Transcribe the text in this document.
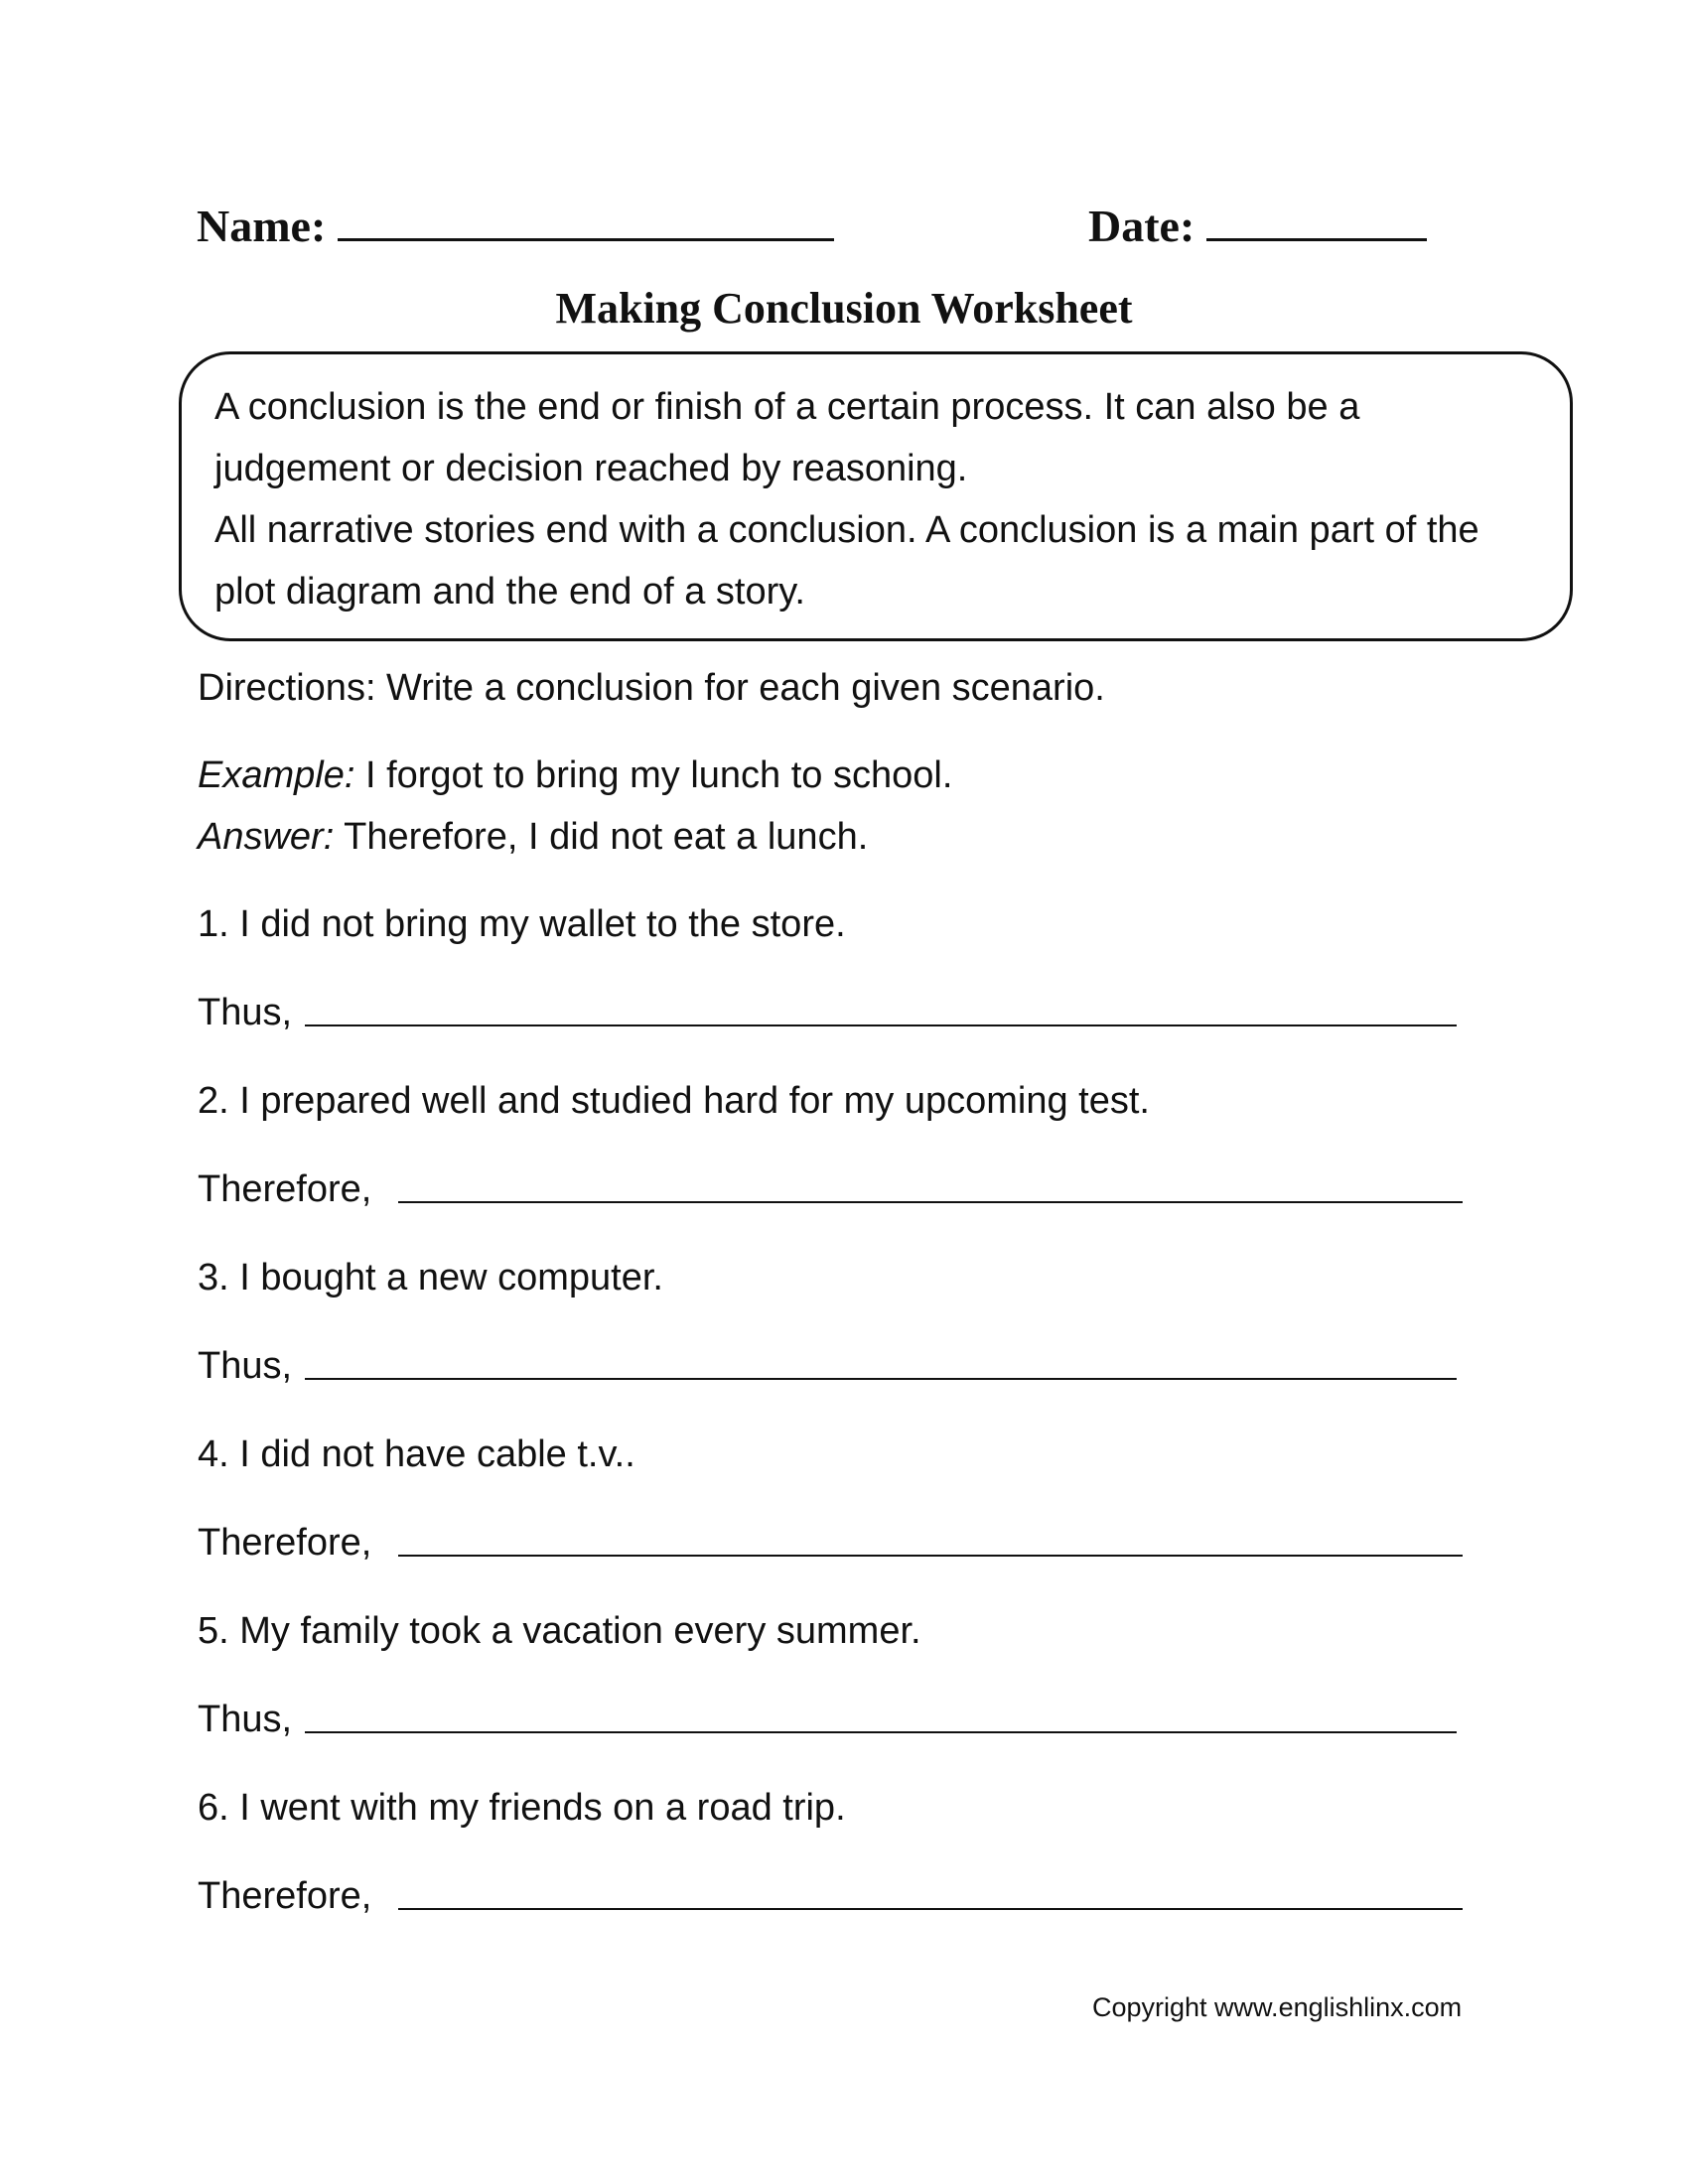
Name:	Date:
Making Conclusion Worksheet

A conclusion is the end or finish of a certain process. It can also be a judgement or decision reached by reasoning.

All narrative stories end with a conclusion. A conclusion is a main part of the plot diagram and the end of a story.

Directions: Write a conclusion for each given scenario.
Example: I forgot to bring my lunch to school.
Answer: Therefore, I did not eat a lunch.
1. I did not bring my wallet to the store.
Thus,
2. I prepared well and studied hard for my upcoming test.
Therefore,
3. I bought a new computer.
Thus,
4. I did not have cable t.v..
Therefore,
5. My family took a vacation every summer.
Thus,
6. I went with my friends on a road trip.
Therefore,
Copyright www.englishlinx.com
